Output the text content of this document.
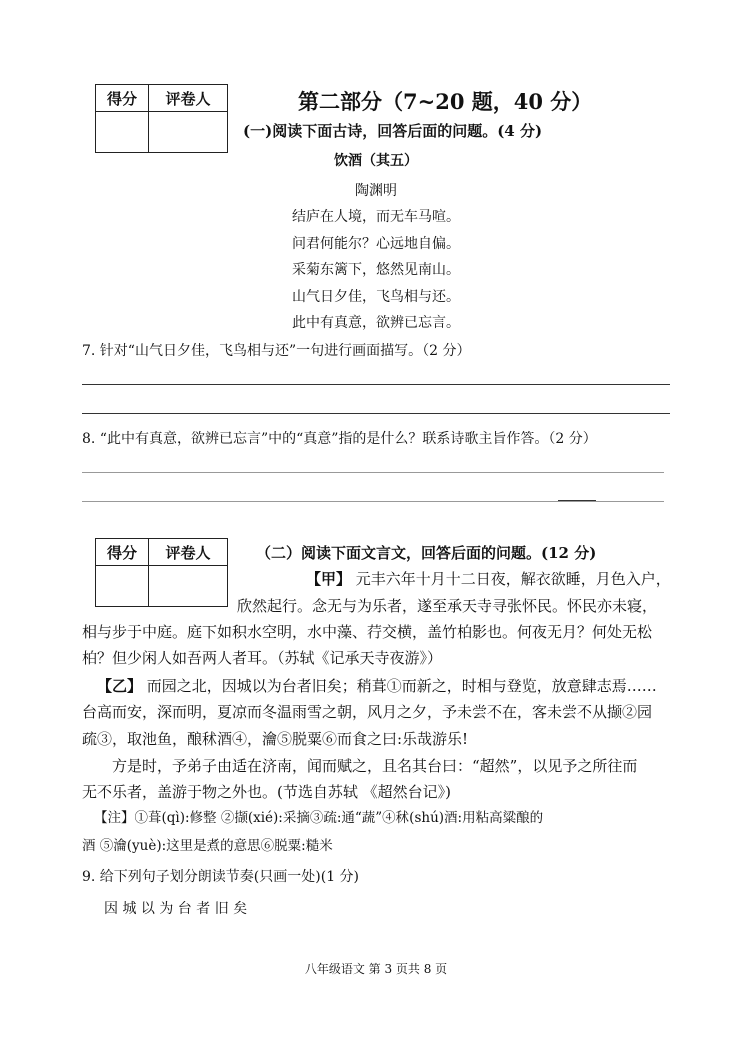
得分	评卷人
		第二部分（7~20 题，40 分）
(一)阅读下面古诗，回答后面的问题。(4 分)
饮酒（其五）
陶渊明
结庐在人境，而无车马喧。
问君何能尔？心远地自偏。
采菊东篱下，悠然见南山。
山气日夕佳，飞鸟相与还。
此中有真意，欲辨已忘言。
7. 针对“山气日夕佳，飞鸟相与还”一句进行画面描写。（2 分）
8. “此中有真意，欲辨已忘言”中的“真意”指的是什么？联系诗歌主旨作答。（2 分）
得分	评卷人
		（二）阅读下面文言文，回答后面的问题。(12 分)
【甲】 元丰六年十月十二日夜，解衣欲睡，月色入户，
欣然起行。念无与为乐者，遂至承天寺寻张怀民。怀民亦未寝，
相与步于中庭。庭下如积水空明，水中藻、荇交横，盖竹柏影也。何夜无月？何处无松
柏？但少闲人如吾两人者耳。（苏轼《记承天寺夜游》）
【乙】 而园之北，因城以为台者旧矣；稍葺①而新之，时相与登览，放意肆志焉……
台高而安，深而明，夏凉而冬温雨雪之朝，风月之夕，予未尝不在，客未尝不从撷②园
疏③，取池鱼，酿秫酒④，瀹⑤脱粟⑥而食之曰:乐哉游乐!
方是时，予弟子由适在济南，闻而赋之，且名其台曰：“超然”，以见予之所往而
无不乐者，盖游于物之外也。(节选自苏轼 《超然台记》)
【注】①葺(qì):修整 ②撷(xié):采摘③疏:通“蔬”④秫(shú)酒:用粘高粱酿的
酒 ⑤瀹(yuè):这里是煮的意思⑥脱粟:糙米
9. 给下列句子划分朗读节奏(只画一处)(1 分)
因 城 以 为 台 者 旧 矣
八年级语文 第 3 页共 8 页
